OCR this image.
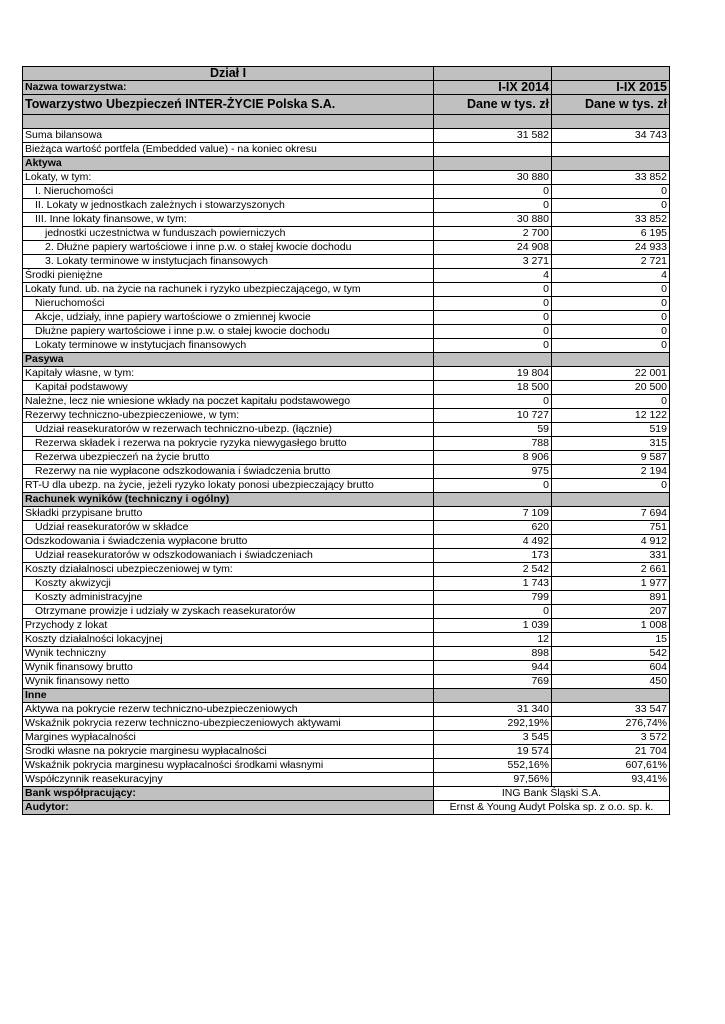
Dział I		
Nazwa towarzystwa:	I-IX 2014	I-IX 2015
Towarzystwo Ubezpieczeń INTER-ŻYCIE Polska S.A.	Dane w tys. zł	Dane w tys. zł

Suma bilansowa	31 582	34 743
Bieżąca wartość portfela (Embedded value) - na koniec okresu		
Aktywa		
Lokaty, w tym:	30 880	33 852
I. Nieruchomości	0	0
II. Lokaty w jednostkach zależnych i stowarzyszonych	0	0
III. Inne lokaty finansowe, w tym:	30 880	33 852
jednostki uczestnictwa w funduszach powierniczych	2 700	6 195
2. Dłużne papiery wartościowe i inne p.w. o stałej kwocie dochodu	24 908	24 933
3. Lokaty terminowe w instytucjach finansowych	3 271	2 721
Środki pieniężne	4	4
Lokaty fund. ub. na życie na rachunek i ryzyko ubezpieczającego, w tym	0	0
Nieruchomości	0	0
Akcje, udziały, inne papiery wartościowe o zmiennej kwocie	0	0
Dłużne papiery wartościowe i inne p.w. o stałej kwocie dochodu	0	0
Lokaty terminowe w instytucjach finansowych	0	0
Pasywa		
Kapitały własne, w tym:	19 804	22 001
Kapitał podstawowy	18 500	20 500
Należne, lecz nie wniesione wkłady na poczet kapitału podstawowego	0	0
Rezerwy techniczno-ubezpieczeniowe, w tym:	10 727	12 122
Udział reasekuratorów w rezerwach techniczno-ubezp. (łącznie)	59	519
Rezerwa składek i rezerwa na pokrycie ryzyka niewygasłego brutto	788	315
Rezerwa ubezpieczeń na życie brutto	8 906	9 587
Rezerwy na nie wypłacone odszkodowania i świadczenia brutto	975	2 194
RT-U dla ubezp. na życie, jeżeli ryzyko lokaty ponosi ubezpieczający brutto	0	0
Rachunek wyników (techniczny i ogólny)		
Składki przypisane brutto	7 109	7 694
Udział reasekuratorów w składce	620	751
Odszkodowania i świadczenia wypłacone brutto	4 492	4 912
Udział reasekuratorów w odszkodowaniach i świadczeniach	173	331
Koszty działalnosci ubezpieczeniowej w tym:	2 542	2 661
Koszty akwizycji	1 743	1 977
Koszty administracyjne	799	891
Otrzymane prowizje i udziały w zyskach reasekuratorów	0	207
Przychody z lokat	1 039	1 008
Koszty działalności lokacyjnej	12	15
Wynik techniczny	898	542
Wynik finansowy brutto	944	604
Wynik finansowy netto	769	450
Inne		
Aktywa na pokrycie rezerw techniczno-ubezpieczeniowych	31 340	33 547
Wskaźnik pokrycia rezerw techniczno-ubezpieczeniowych aktywami	292,19%	276,74%
Margines wypłacalności	3 545	3 572
Środki własne na pokrycie marginesu wypłacalności	19 574	21 704
Wskaźnik pokrycia marginesu wypłacalności środkami własnymi	552,16%	607,61%
Współczynnik reasekuracyjny	97,56%	93,41%
Bank współpracujący:	ING Bank Śląski S.A.	
Audytor:	Ernst & Young Audyt Polska sp. z o.o. sp. k.	
